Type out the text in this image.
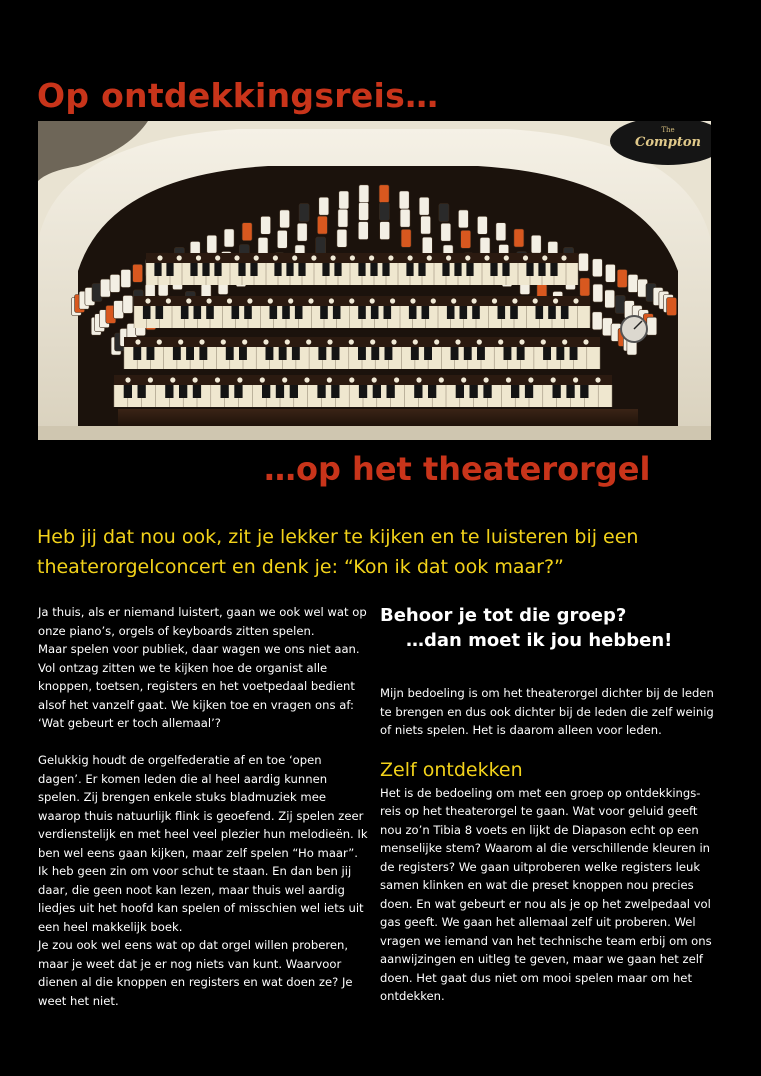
Op ontdekkingsreis…
The
Compton
…op het theaterorgel
Heb jij dat nou ook, zit je lekker te kijken en te luisteren bij een theaterorgelconcert en denk je: “Kon ik dat ook maar?”

Ja thuis, als er niemand luistert, gaan we ook wel wat op onze piano’s, orgels of keyboards zitten spelen.

Maar spelen voor publiek, daar wagen we ons niet aan. Vol ontzag zitten we te kijken hoe de organist alle knoppen, toetsen, registers en het voetpedaal bedient alsof het vanzelf gaat. We kijken toe en vragen ons af: ‘Wat gebeurt er toch allemaal’?

Gelukkig houdt de orgelfederatie af en toe ‘open dagen’. Er komen leden die al heel aardig kunnen spelen. Zij brengen enkele stuks bladmuziek mee waarop thuis natuurlijk flink is geoefend. Zij spelen zeer verdienstelijk en met heel veel plezier hun melodieën. Ik ben wel eens gaan kijken, maar zelf spelen “Ho maar”. Ik heb geen zin om voor schut te staan. En dan ben jij daar, die geen noot kan lezen, maar thuis wel aardig liedjes uit het hoofd kan spelen of misschien wel iets uit een heel makkelijk boek.

Je zou ook wel eens wat op dat orgel willen proberen, maar je weet dat je er nog niets van kunt. Waarvoor dienen al die knoppen en registers en wat doen ze? Je weet het niet.

Behoor je tot die groep?
…dan moet ik jou hebben!

Mijn bedoeling is om het theaterorgel dichter bij de leden te brengen en dus ook dichter bij de leden die zelf weinig of niets spelen. Het is daarom alleen voor leden.

Zelf ontdekken

Het is de bedoeling om met een groep op ontdekkings-reis op het theaterorgel te gaan. Wat voor geluid geeft nou zo’n Tibia 8 voets en lijkt de Diapason echt op een menselijke stem? Waarom al die verschillende kleuren in de registers? We gaan uitproberen welke registers leuk samen klinken en wat die preset knoppen nou precies doen. En wat gebeurt er nou als je op het zwelpedaal vol gas geeft. We gaan het allemaal zelf uit proberen. Wel vragen we iemand van het technische team erbij om ons aanwijzingen en uitleg te geven, maar we gaan het zelf doen. Het gaat dus niet om mooi spelen maar om het ontdekken.
